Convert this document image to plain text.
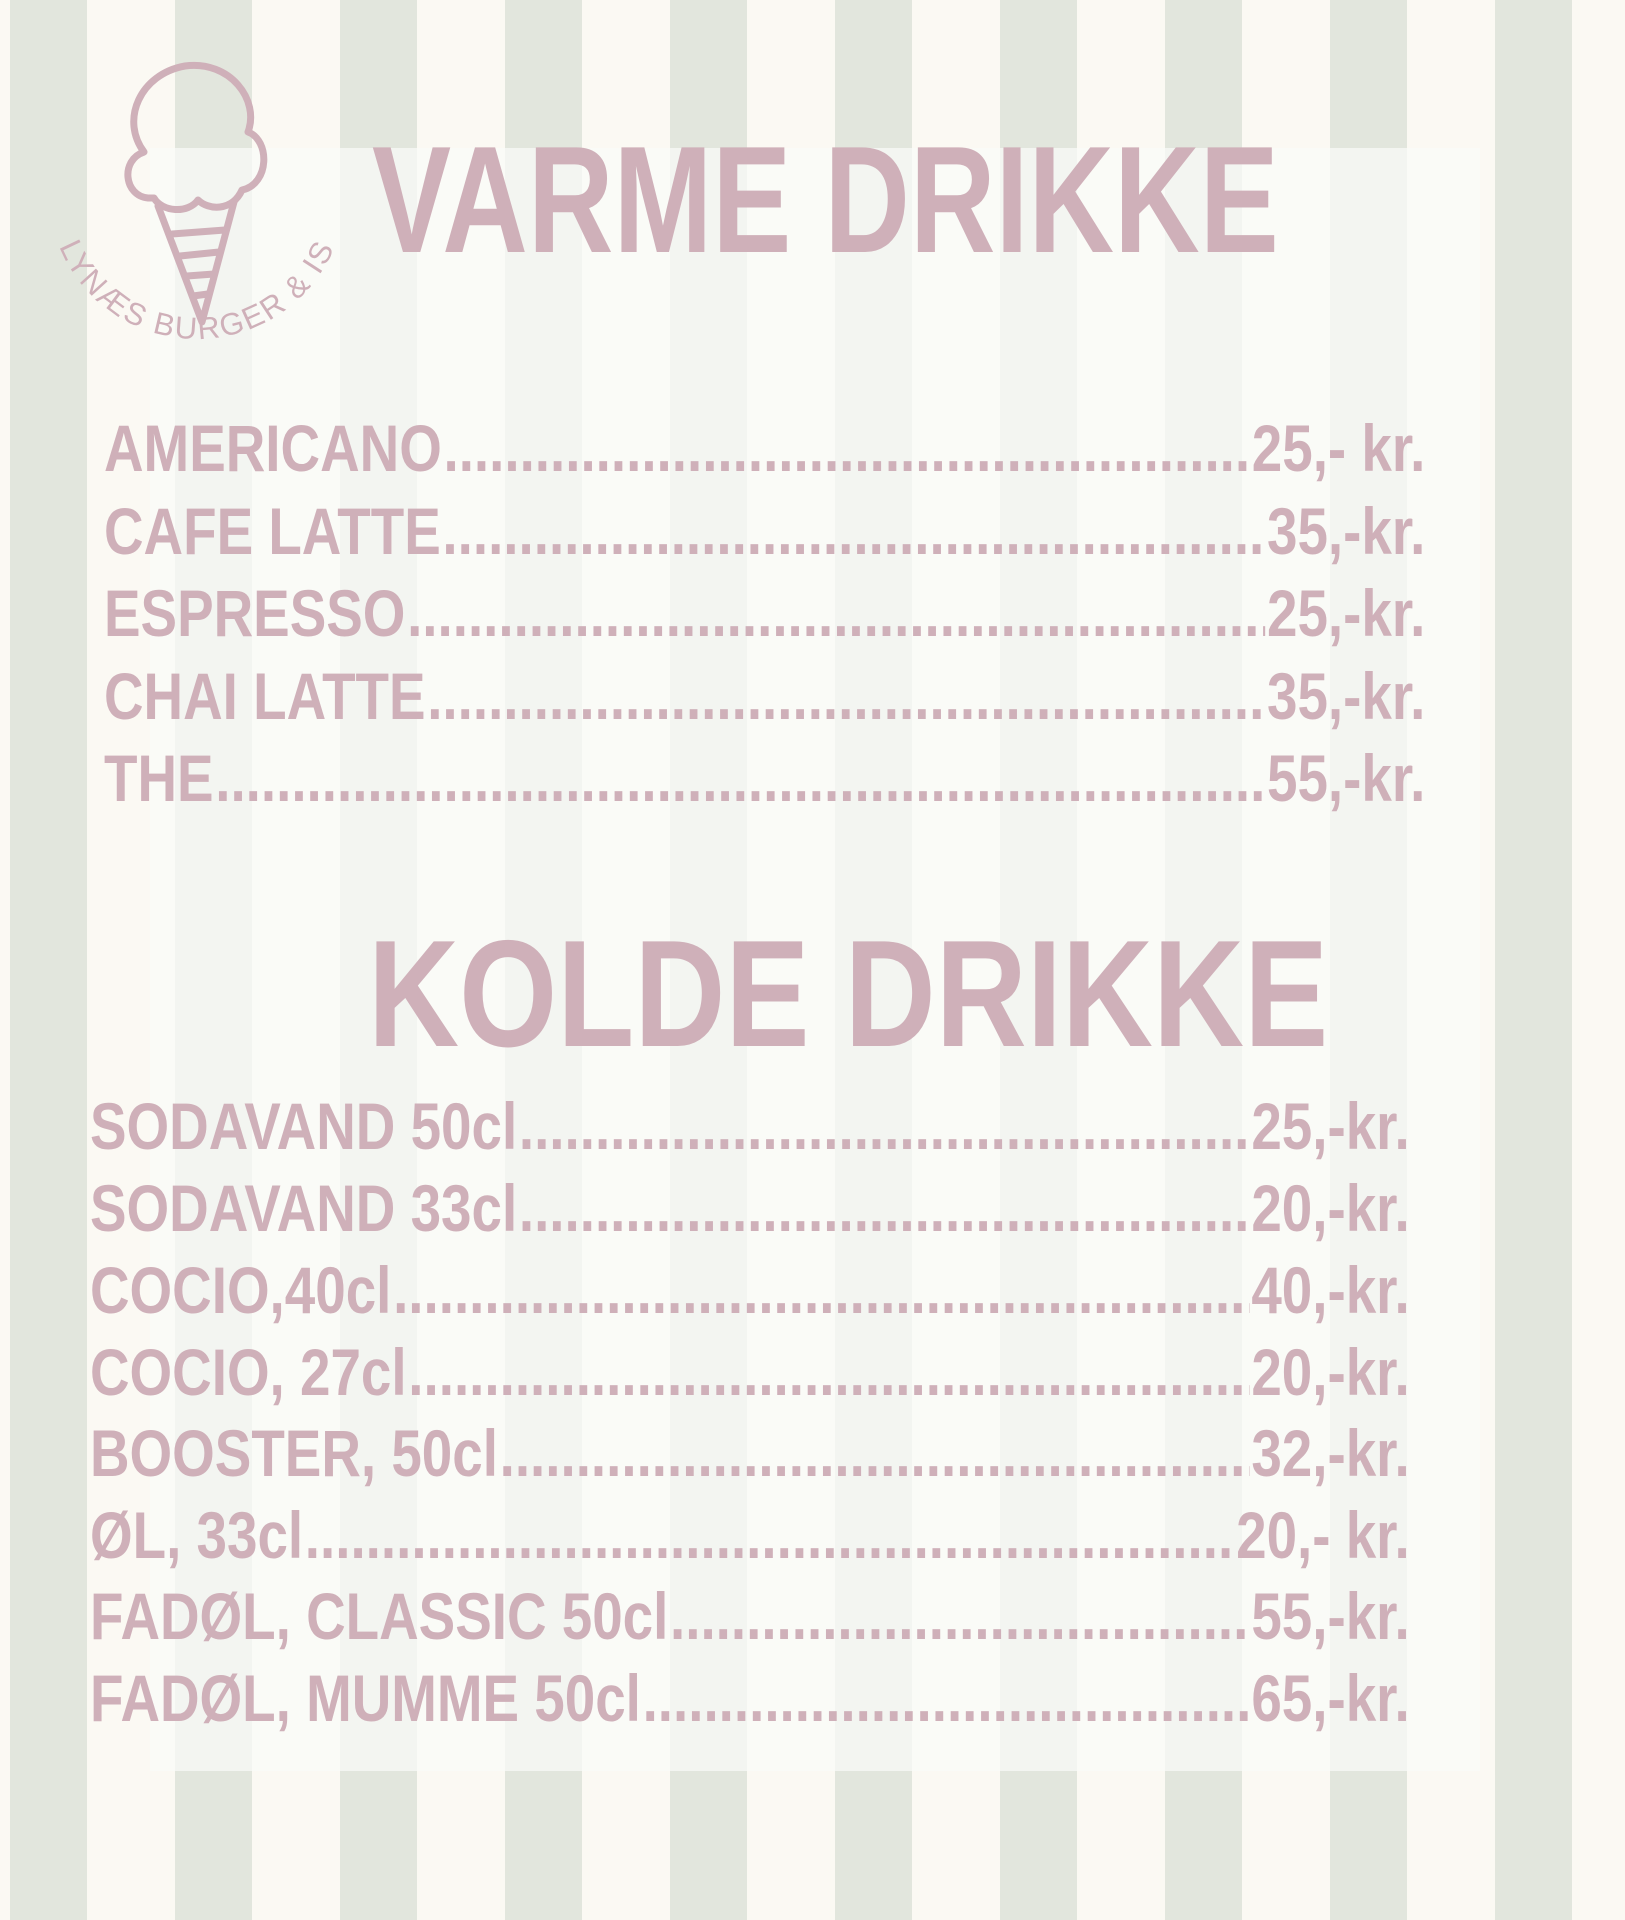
LYNÆS BURGER & IS VARME DRIKKE
AMERICANO .....	25,- kr.
CAFE LATTE .....	35,-kr.
ESPRESSO .....	25,-kr.
CHAI LATTE .....	35,-kr.
THE .....	55,-kr.
KOLDE DRIKKE
SODAVAND 50cl .....	25,-kr.
SODAVAND 33cl .....	20,-kr.
COCIO,40cl .....	40,-kr.
COCIO, 27cl .....	20,-kr.
BOOSTER, 50cl .....	32,-kr.
ØL, 33cl .....	20,- kr.
FADØL, CLASSIC 50cl .....	55,-kr.
FADØL, MUMME 50cl .....	65,-kr.
